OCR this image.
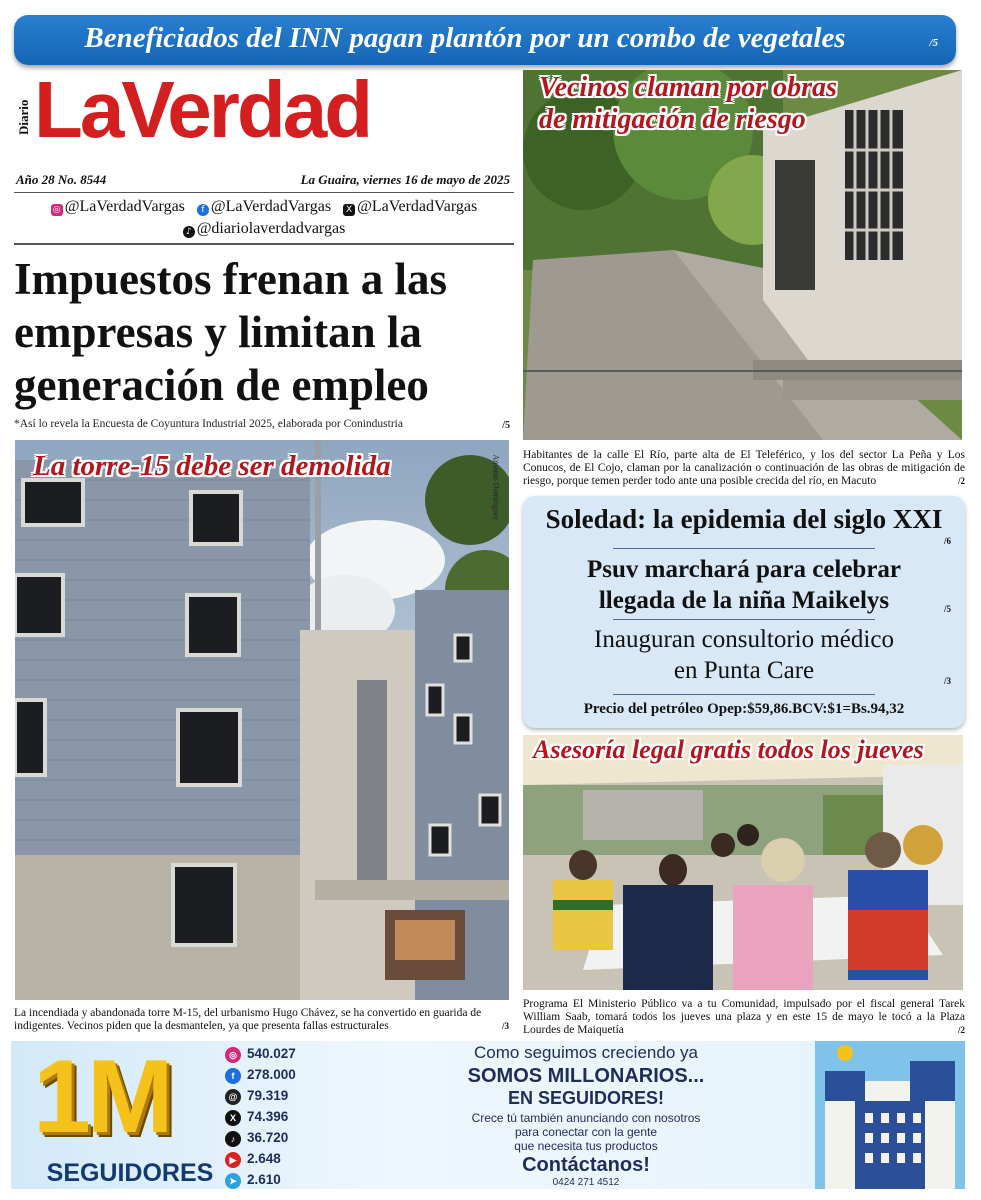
Beneficiados del INN pagan plantón por un combo de vegetales	/5
Diario LaVerdad
Año 28 No. 8544	La Guaira, viernes 16 de mayo de 2025
◎ @LaVerdadVargas f @LaVerdadVargas X @LaVerdadVargas
♪ @diariolaverdadvargas
Impuestos frenan a las empresas y limitan la generación de empleo
*Así lo revela la Encuesta de Coyuntura Industrial 2025, elaborada por Conindustria	/5
La torre-15 debe ser demolida	Antonio Domínguez
La incendiada y abandonada torre M-15, del urbanismo Hugo Chávez, se ha convertido en guarida de indigentes. Vecinos piden que la desmantelen, ya que presenta fallas estructurales	/3
Vecinos claman por obras
de mitigación de riesgo
Habitantes de la calle El Río, parte alta de El Teleférico, y los del sector La Peña y Los Conucos, de El Cojo, claman por la canalización o continuación de las obras de mitigación de riesgo, porque temen perder todo ante una posible crecida del río, en Macuto	/2
Soledad: la epidemia del siglo XXI
/6
Psuv marchará para celebrar
llegada de la niña Maikelys	/5
Inauguran consultorio médico
en Punta Care	/3
Precio del petróleo Opep:$59,86.BCV:$1=Bs.94,32
Asesoría legal gratis todos los jueves
Programa El Ministerio Público va a tu Comunidad, impulsado por el fiscal general Tarek William Saab, tomará todos los jueves una plaza y en este 15 de mayo le tocó a la Plaza Lourdes de Maiquetía	/2
1M
SEGUIDORES
◎ 540.027
f 278.000
@ 79.319
X 74.396
♪ 36.720
▶ 2.648
➤ 2.610
Como seguimos creciendo ya
SOMOS MILLONARIOS...
EN SEGUIDORES!
Crece tú también anunciando con nosotros
para conectar con la gente
que necesita tus productos
Contáctanos!
0424 271 4512
